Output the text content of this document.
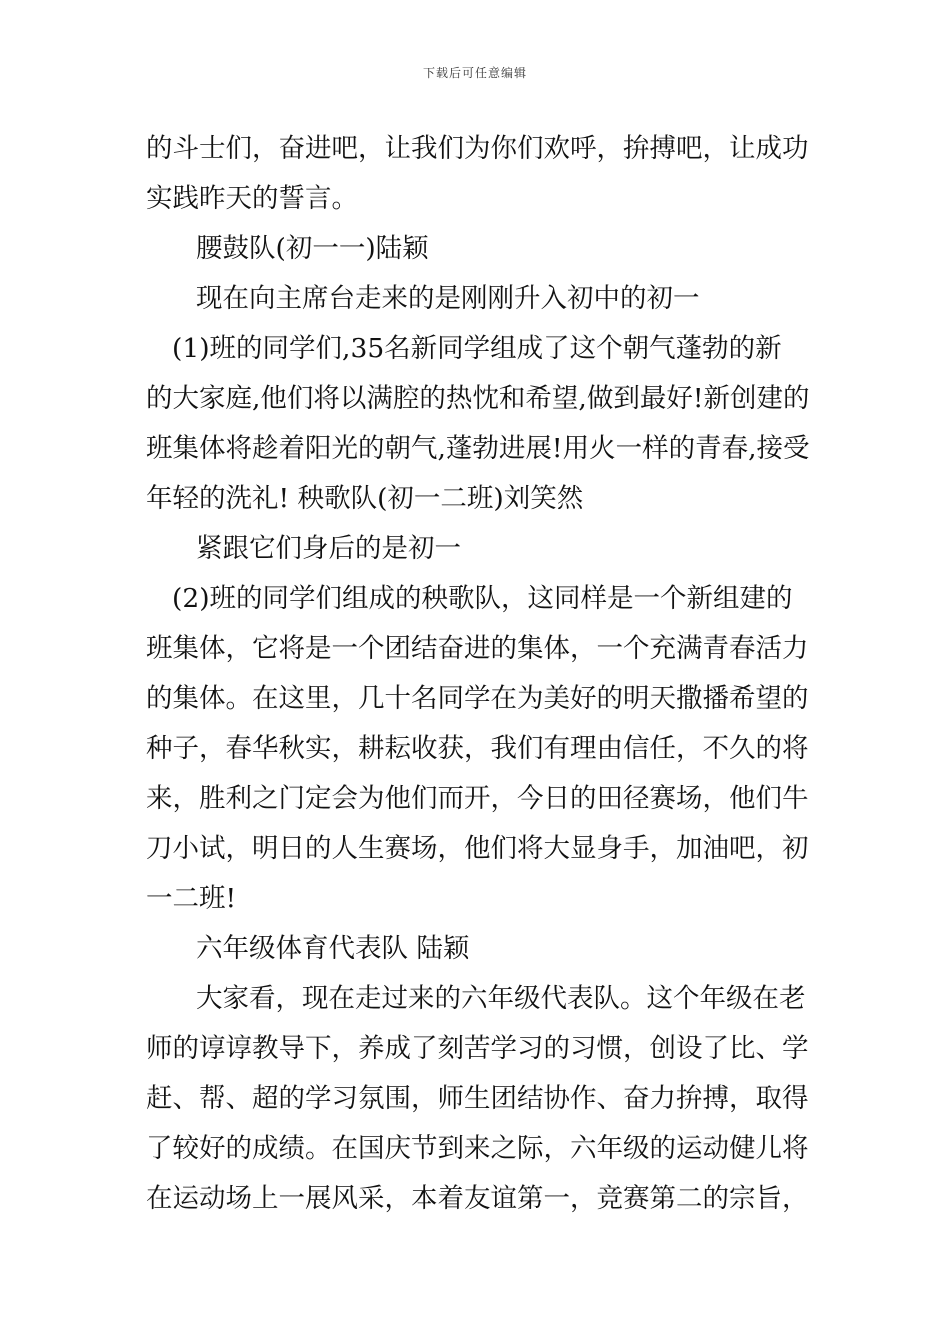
下载后可任意编辑
的斗士们，奋进吧，让我们为你们欢呼，拚搏吧，让成功
实践昨天的誓言。
腰鼓队(初一一)陆颖
现在向主席台走来的是刚刚升入初中的初一
(1)班的同学们,35名新同学组成了这个朝气蓬勃的新
的大家庭,他们将以满腔的热忱和希望,做到最好!新创建的
班集体将趁着阳光的朝气,蓬勃进展!用火一样的青春,接受
年轻的洗礼! 秧歌队(初一二班)刘笑然
紧跟它们身后的是初一
(2)班的同学们组成的秧歌队，这同样是一个新组建的
班集体，它将是一个团结奋进的集体，一个充满青春活力
的集体。在这里，几十名同学在为美好的明天撒播希望的
种子，春华秋实，耕耘收获，我们有理由信任，不久的将
来，胜利之门定会为他们而开，今日的田径赛场，他们牛
刀小试，明日的人生赛场，他们将大显身手，加油吧，初
一二班!
六年级体育代表队 陆颖
大家看，现在走过来的六年级代表队。这个年级在老
师的谆谆教导下，养成了刻苦学习的习惯，创设了比、学
赶、帮、超的学习氛围，师生团结协作、奋力拚搏，取得
了较好的成绩。在国庆节到来之际，六年级的运动健儿将
在运动场上一展风采，本着友谊第一，竞赛第二的宗旨，
